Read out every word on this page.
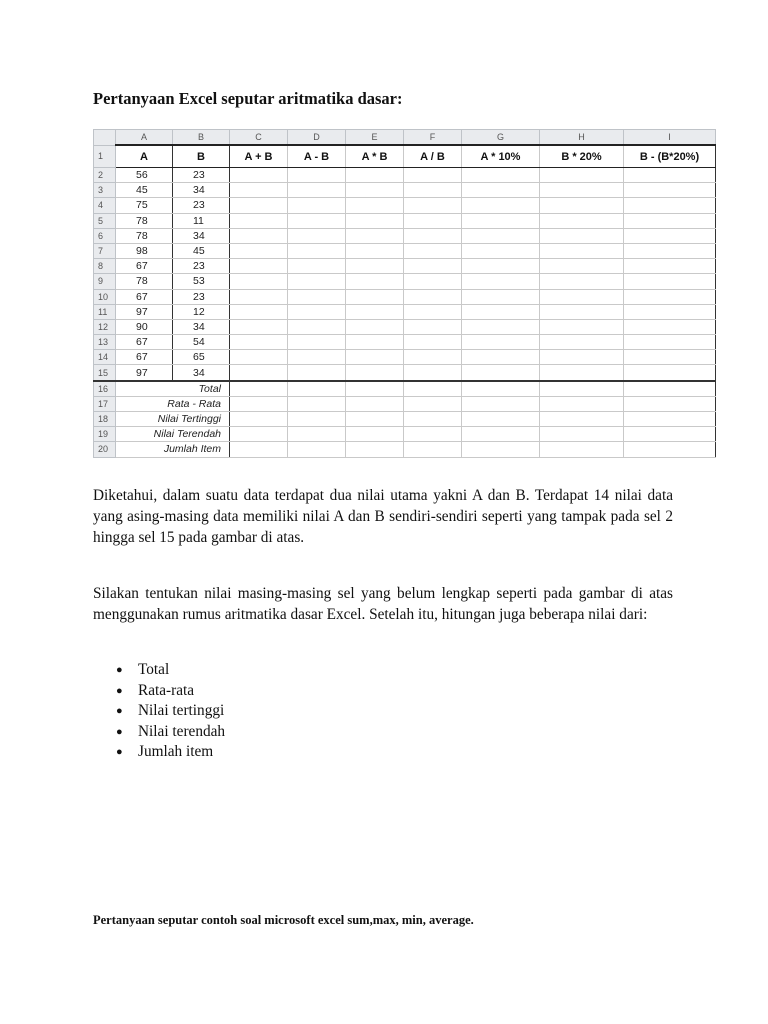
Pertanyaan Excel seputar aritmatika dasar:
	A	B	C	D	E	F	G	H	I
1	A	B	A + B	A - B	A * B	A / B	A * 10%	B * 20%	B - (B*20%)
2	56	23							
3	45	34							
4	75	23							
5	78	11							
6	78	34							
7	98	45							
8	67	23							
9	78	53							
10	67	23							
11	97	12							
12	90	34							
13	67	54							
14	67	65							
15	97	34							
16	Total								
17	Rata - Rata								
18	Nilai Tertinggi								
19	Nilai Terendah								
20	Jumlah Item								
Diketahui, dalam suatu data terdapat dua nilai utama yakni A dan B. Terdapat 14 nilai data yang asing-masing data memiliki nilai A dan B sendiri-sendiri seperti yang tampak pada sel 2 hingga sel 15 pada gambar di atas.
Silakan tentukan nilai masing-masing sel yang belum lengkap seperti pada gambar di atas menggunakan rumus aritmatika dasar Excel. Setelah itu, hitungan juga beberapa nilai dari:
● Total
● Rata-rata
● Nilai tertinggi
● Nilai terendah
● Jumlah item
Pertanyaan seputar contoh soal microsoft excel sum,max, min, average.
